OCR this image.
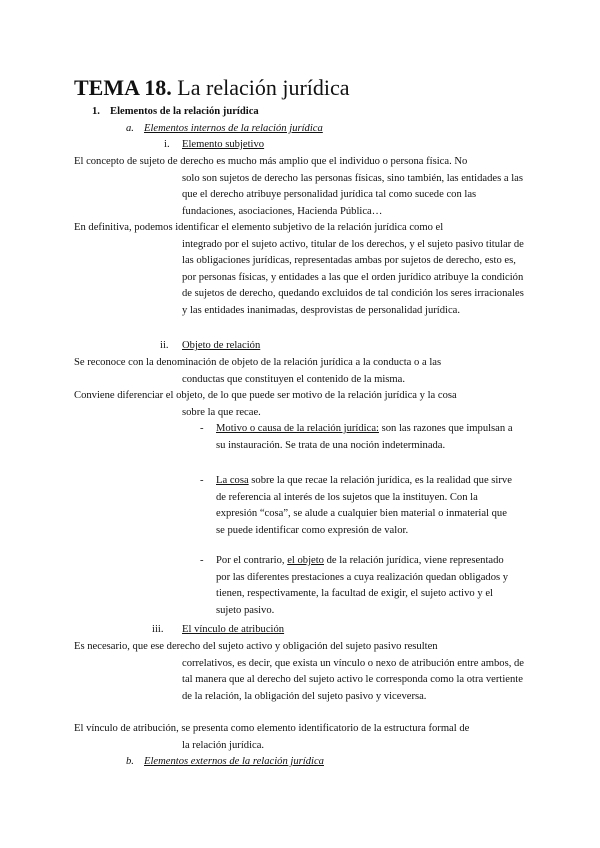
TEMA 18. La relación jurídica
1. Elementos de la relación jurídica
a. Elementos internos de la relación jurídica
i. Elemento subjetivo
El concepto de sujeto de derecho es mucho más amplio que el individuo o persona física. No
solo son sujetos de derecho las personas físicas, sino también, las entidades a las que el derecho atribuye personalidad jurídica tal como sucede con las fundaciones, asociaciones, Hacienda Pública…
En definitiva, podemos identificar el elemento subjetivo de la relación jurídica como el
integrado por el sujeto activo, titular de los derechos, y el sujeto pasivo titular de las obligaciones jurídicas, representadas ambas por sujetos de derecho, esto es, por personas físicas, y entidades a las que el orden jurídico atribuye la condición de sujetos de derecho, quedando excluidos de tal condición los seres irracionales y las entidades inanimadas, desprovistas de personalidad jurídica.
ii. Objeto de relación
Se reconoce con la denominación de objeto de la relación jurídica a la conducta o a las
conductas que constituyen el contenido de la misma.
Conviene diferenciar el objeto, de lo que puede ser motivo de la relación jurídica y la cosa
sobre la que recae.
-	Motivo o causa de la relación jurídica: son las razones que impulsan a su instauración. Se trata de una noción indeterminada.
-	La cosa sobre la que recae la relación jurídica, es la realidad que sirve de referencia al interés de los sujetos que la instituyen. Con la expresión “cosa”, se alude a cualquier bien material o inmaterial que se puede identificar como expresión de valor.
-	Por el contrario, el objeto de la relación jurídica, viene representado por las diferentes prestaciones a cuya realización quedan obligados y tienen, respectivamente, la facultad de exigir, el sujeto activo y el sujeto pasivo.
iii. El vínculo de atribución
Es necesario, que ese derecho del sujeto activo y obligación del sujeto pasivo resulten
correlativos, es decir, que exista un vínculo o nexo de atribución entre ambos, de tal manera que al derecho del sujeto activo le corresponda como la otra vertiente de la relación, la obligación del sujeto pasivo y viceversa.
El vínculo de atribución, se presenta como elemento identificatorio de la estructura formal de
la relación jurídica.
b. Elementos externos de la relación jurídica
